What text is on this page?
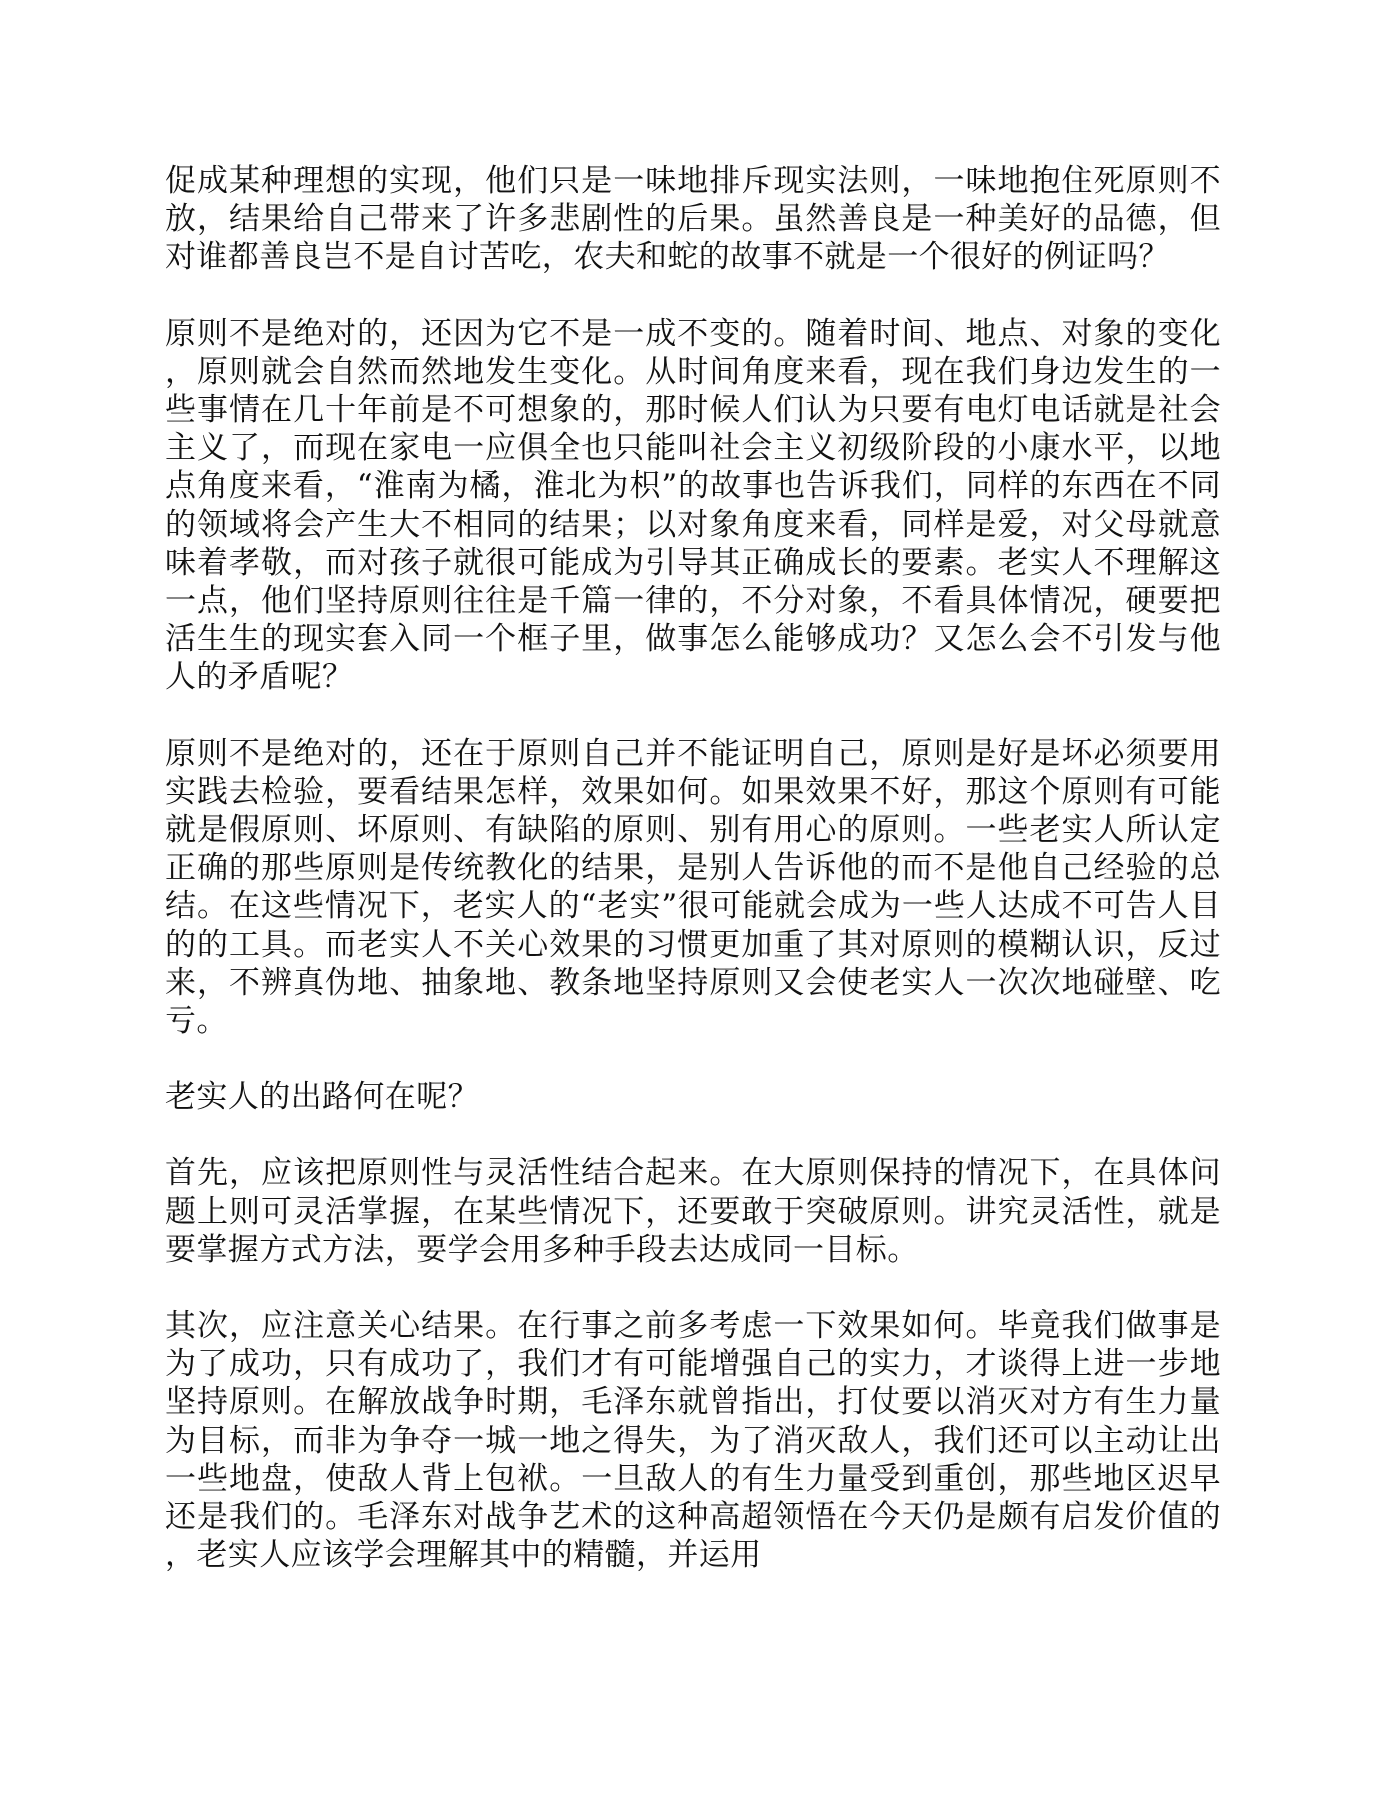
促成某种理想的实现，他们只是一味地排斥现实法则，一味地抱住死原则不放，结果给自己带来了许多悲剧性的后果。虽然善良是一种美好的品德，但对谁都善良岂不是自讨苦吃，农夫和蛇的故事不就是一个很好的例证吗？

原则不是绝对的，还因为它不是一成不变的。随着时间、地点、对象的变化，原则就会自然而然地发生变化。从时间角度来看，现在我们身边发生的一些事情在几十年前是不可想象的，那时候人们认为只要有电灯电话就是社会主义了，而现在家电一应俱全也只能叫社会主义初级阶段的小康水平，以地点角度来看，“淮南为橘，淮北为枳”的故事也告诉我们，同样的东西在不同的领域将会产生大不相同的结果；以对象角度来看，同样是爱，对父母就意味着孝敬，而对孩子就很可能成为引导其正确成长的要素。老实人不理解这一点，他们坚持原则往往是千篇一律的，不分对象，不看具体情况，硬要把活生生的现实套入同一个框子里，做事怎么能够成功？又怎么会不引发与他人的矛盾呢？

原则不是绝对的，还在于原则自己并不能证明自己，原则是好是坏必须要用实践去检验，要看结果怎样，效果如何。如果效果不好，那这个原则有可能就是假原则、坏原则、有缺陷的原则、别有用心的原则。一些老实人所认定正确的那些原则是传统教化的结果，是别人告诉他的而不是他自己经验的总结。在这些情况下，老实人的“老实”很可能就会成为一些人达成不可告人目的的工具。而老实人不关心效果的习惯更加重了其对原则的模糊认识，反过来，不辨真伪地、抽象地、教条地坚持原则又会使老实人一次次地碰壁、吃亏。

老实人的出路何在呢？

首先，应该把原则性与灵活性结合起来。在大原则保持的情况下，在具体问题上则可灵活掌握，在某些情况下，还要敢于突破原则。讲究灵活性，就是要掌握方式方法，要学会用多种手段去达成同一目标。

其次，应注意关心结果。在行事之前多考虑一下效果如何。毕竟我们做事是为了成功，只有成功了，我们才有可能增强自己的实力，才谈得上进一步地坚持原则。在解放战争时期，毛泽东就曾指出，打仗要以消灭对方有生力量为目标，而非为争夺一城一地之得失，为了消灭敌人，我们还可以主动让出一些地盘，使敌人背上包袱。一旦敌人的有生力量受到重创，那些地区迟早还是我们的。毛泽东对战争艺术的这种高超领悟在今天仍是颇有启发价值的，老实人应该学会理解其中的精髓，并运用
